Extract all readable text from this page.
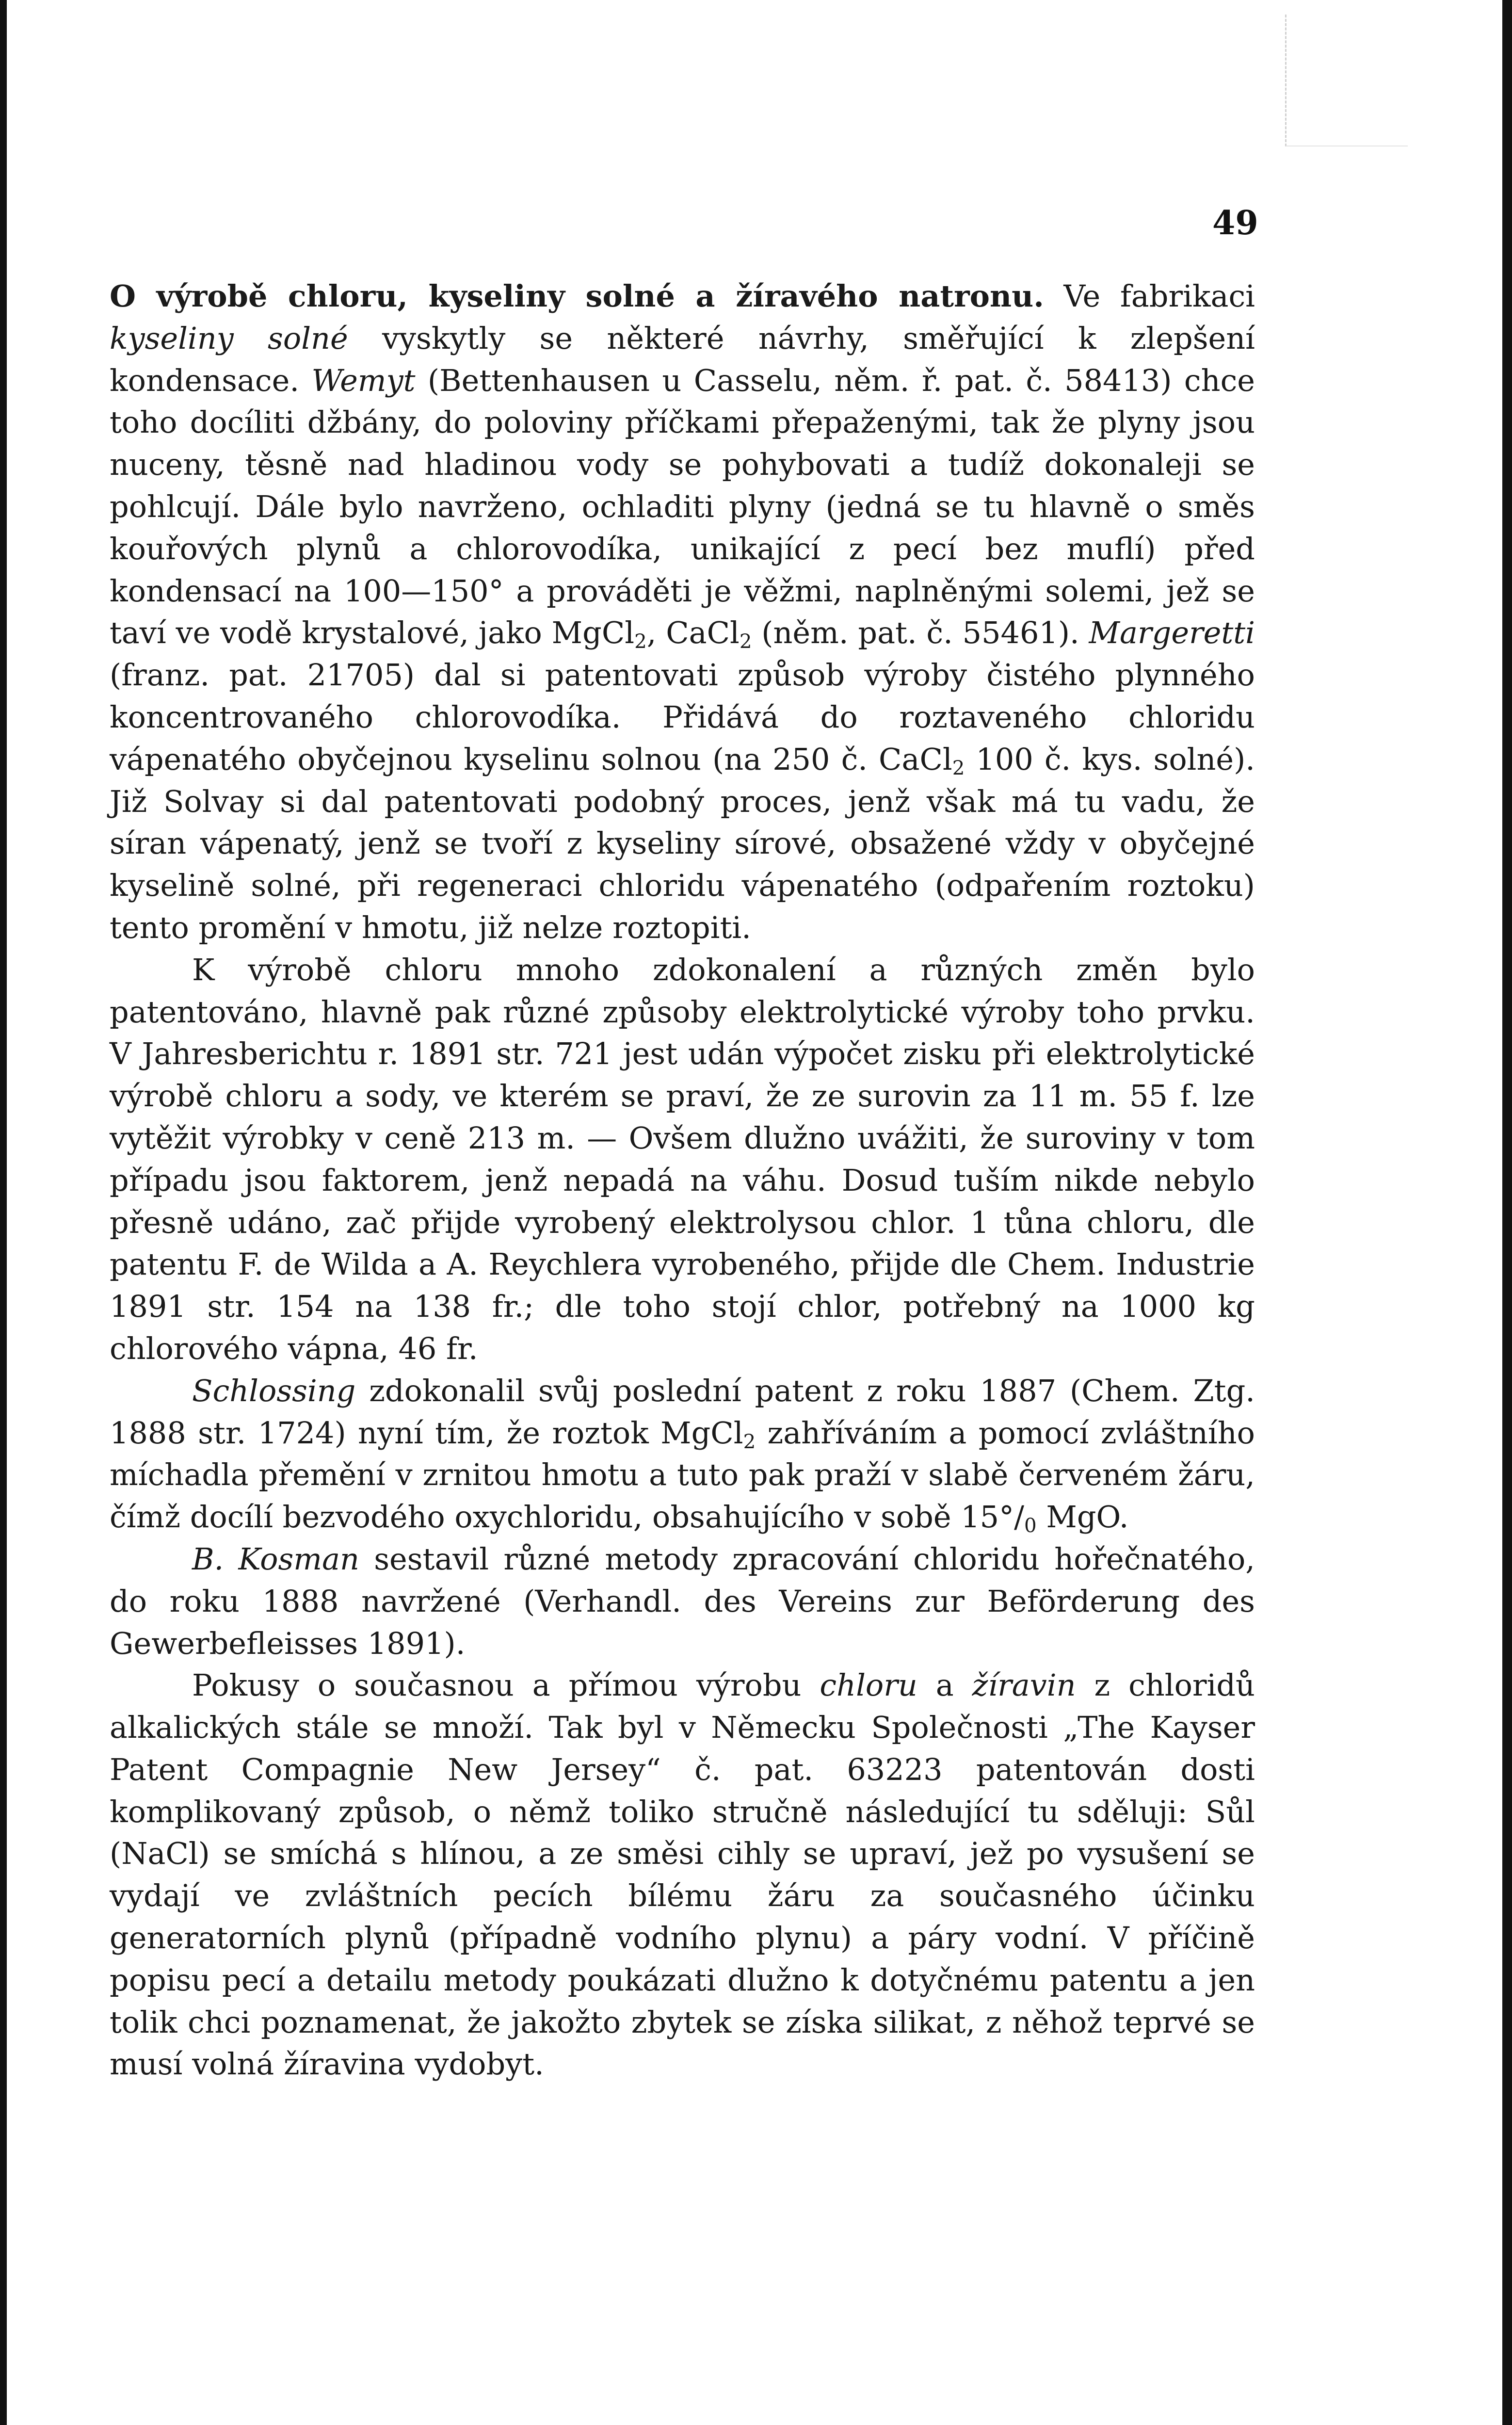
49

O výrobě chloru, kyseliny solné a žíravého natronu. Ve fabrikaci kyseliny solné vyskytly se některé návrhy, směřující k zlepšení kondensace. Wemyt (Bettenhausen u Casselu, něm. ř. pat. č. 58413) chce toho docíliti džbány, do poloviny příčkami přepaženými, tak že plyny jsou nuceny, těsně nad hladinou vody se pohybovati a tudíž dokonaleji se pohlcují. Dále bylo navrženo, ochladiti plyny (jedná se tu hlavně o směs kouřových plynů a chlorovodíka, unikající z pecí bez muflí) před kondensací na 100—150° a prováděti je věžmi, naplněnými solemi, jež se taví ve vodě krystalové, jako MgCl$_2$, CaCl$_2$ (něm. pat. č. 55461). Margeretti (franz. pat. 21705) dal si patentovati způsob výroby čistého plynného koncentrovaného chlorovodíka. Přidává do roztaveného chloridu vápenatého obyčejnou kyselinu solnou (na 250 č. CaCl$_2$ 100 č. kys. solné). Již Solvay si dal patentovati podobný proces, jenž však má tu vadu, že síran vápenatý, jenž se tvoří z kyseliny sírové, obsažené vždy v obyčejné kyselině solné, při regeneraci chloridu vápenatého (odpařením roztoku) tento promění v hmotu, již nelze roztopiti.

K výrobě chloru mnoho zdokonalení a různých změn bylo patentováno, hlavně pak různé způsoby elektrolytické výroby toho prvku. V Jahresberichtu r. 1891 str. 721 jest udán výpočet zisku při elektrolytické výrobě chloru a sody, ve kterém se praví, že ze surovin za 11 m. 55 f. lze vytěžit výrobky v ceně 213 m. — Ovšem dlužno uvážiti, že suroviny v tom případu jsou faktorem, jenž nepadá na váhu. Dosud tuším nikde nebylo přesně udáno, zač přijde vyrobený elektrolysou chlor. 1 tůna chloru, dle patentu F. de Wilda a A. Reychlera vyrobeného, přijde dle Chem. Industrie 1891 str. 154 na 138 fr.; dle toho stojí chlor, potřebný na 1000 kg chlorového vápna, 46 fr.

Schlossing zdokonalil svůj poslední patent z roku 1887 (Chem. Ztg. 1888 str. 1724) nyní tím, že roztok MgCl$_2$ zahříváním a pomocí zvláštního míchadla přemění v zrnitou hmotu a tuto pak praží v slabě červeném žáru, čímž docílí bezvodého oxychloridu, obsahujícího v sobě $15^\circ/_0$ MgO.

B. Kosman sestavil různé metody zpracování chloridu hořečnatého, do roku 1888 navržené (Verhandl. des Vereins zur Beförderung des Gewerbefleisses 1891).

Pokusy o současnou a přímou výrobu chloru a žíravin z chloridů alkalických stále se množí. Tak byl v Německu Společnosti „The Kayser Patent Compagnie New Jersey“ č. pat. 63223 patentován dosti komplikovaný způsob, o němž toliko stručně následující tu sděluji: Sůl (NaCl) se smíchá s hlínou, a ze směsi cihly se upraví, jež po vysušení se vydají ve zvláštních pecích bílému žáru za současného účinku generatorních plynů (případně vodního plynu) a páry vodní. V příčině popisu pecí a detailu metody poukázati dlužno k dotyčnému patentu a jen tolik chci poznamenat, že jakožto zbytek se získa silikat, z něhož teprvé se musí volná žíravina vydobyt.
